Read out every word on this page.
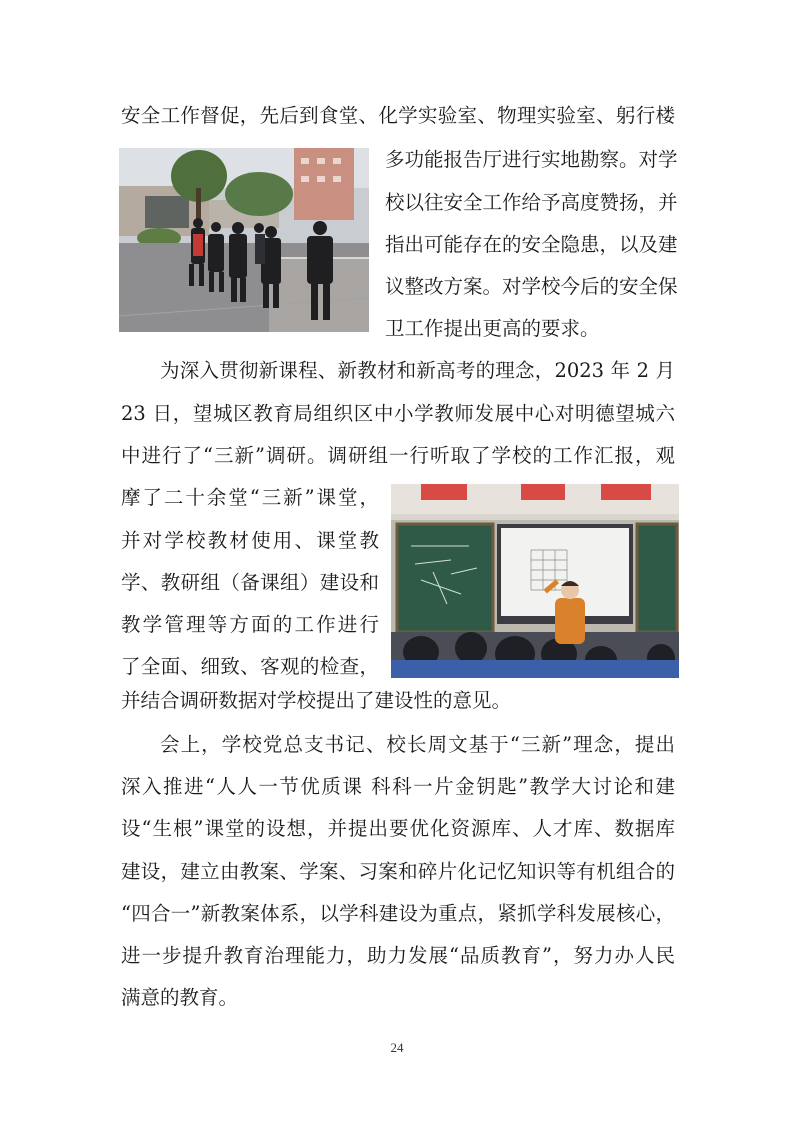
安全工作督促，先后到食堂、化学实验室、物理实验室、躬行楼
多功能报告厅进行实地勘察。对学
校以往安全工作给予高度赞扬，并
指出可能存在的安全隐患，以及建
议整改方案。对学校今后的安全保
卫工作提出更高的要求。
为深入贯彻新课程、新教材和新高考的理念，2023 年 2 月
23 日，望城区教育局组织区中小学教师发展中心对明德望城六
中进行了“三新”调研。调研组一行听取了学校的工作汇报，观
摩了二十余堂“三新”课堂，
并对学校教材使用、课堂教
学、教研组（备课组）建设和
教学管理等方面的工作进行
了全面、细致、客观的检查，
并结合调研数据对学校提出了建设性的意见。
会上，学校党总支书记、校长周文基于“三新”理念，提出
深入推进“人人一节优质课 科科一片金钥匙”教学大讨论和建
设“生根”课堂的设想，并提出要优化资源库、人才库、数据库
建设，建立由教案、学案、习案和碎片化记忆知识等有机组合的
“四合一”新教案体系，以学科建设为重点，紧抓学科发展核心，
进一步提升教育治理能力，助力发展“品质教育”，努力办人民
满意的教育。
24
